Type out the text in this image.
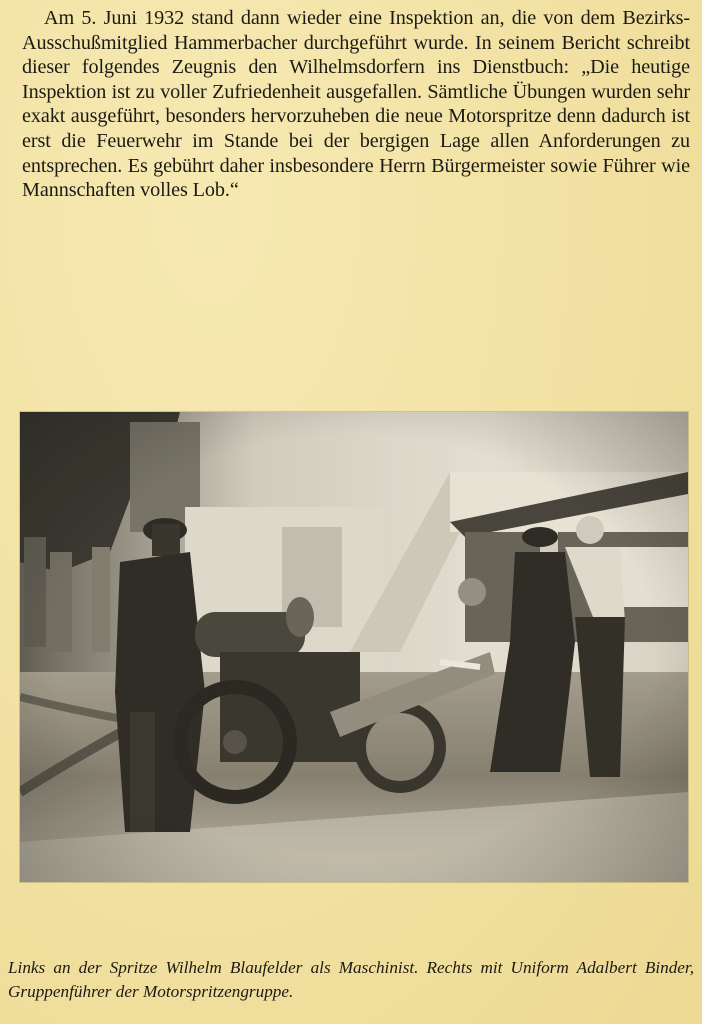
Am 5. Juni 1932 stand dann wieder eine Inspektion an, die von dem Bezirks-Ausschußmitglied Hammerbacher durchgeführt wurde. In seinem Bericht schreibt dieser folgendes Zeugnis den Wilhelmsdorfern ins Dienstbuch: „Die heutige Inspektion ist zu voller Zufriedenheit ausgefallen. Sämtliche Übungen wurden sehr exakt ausgeführt, besonders hervorzuheben die neue Motorspritze denn dadurch ist erst die Feuerwehr im Stande bei der bergigen Lage allen Anforderungen zu entsprechen. Es gebührt daher insbesondere Herrn Bürgermeister sowie Führer wie Mannschaften volles Lob.“

Links an der Spritze Wilhelm Blaufelder als Maschinist. Rechts mit Uniform Adalbert Binder, Gruppenführer der Motorspritzengruppe.
